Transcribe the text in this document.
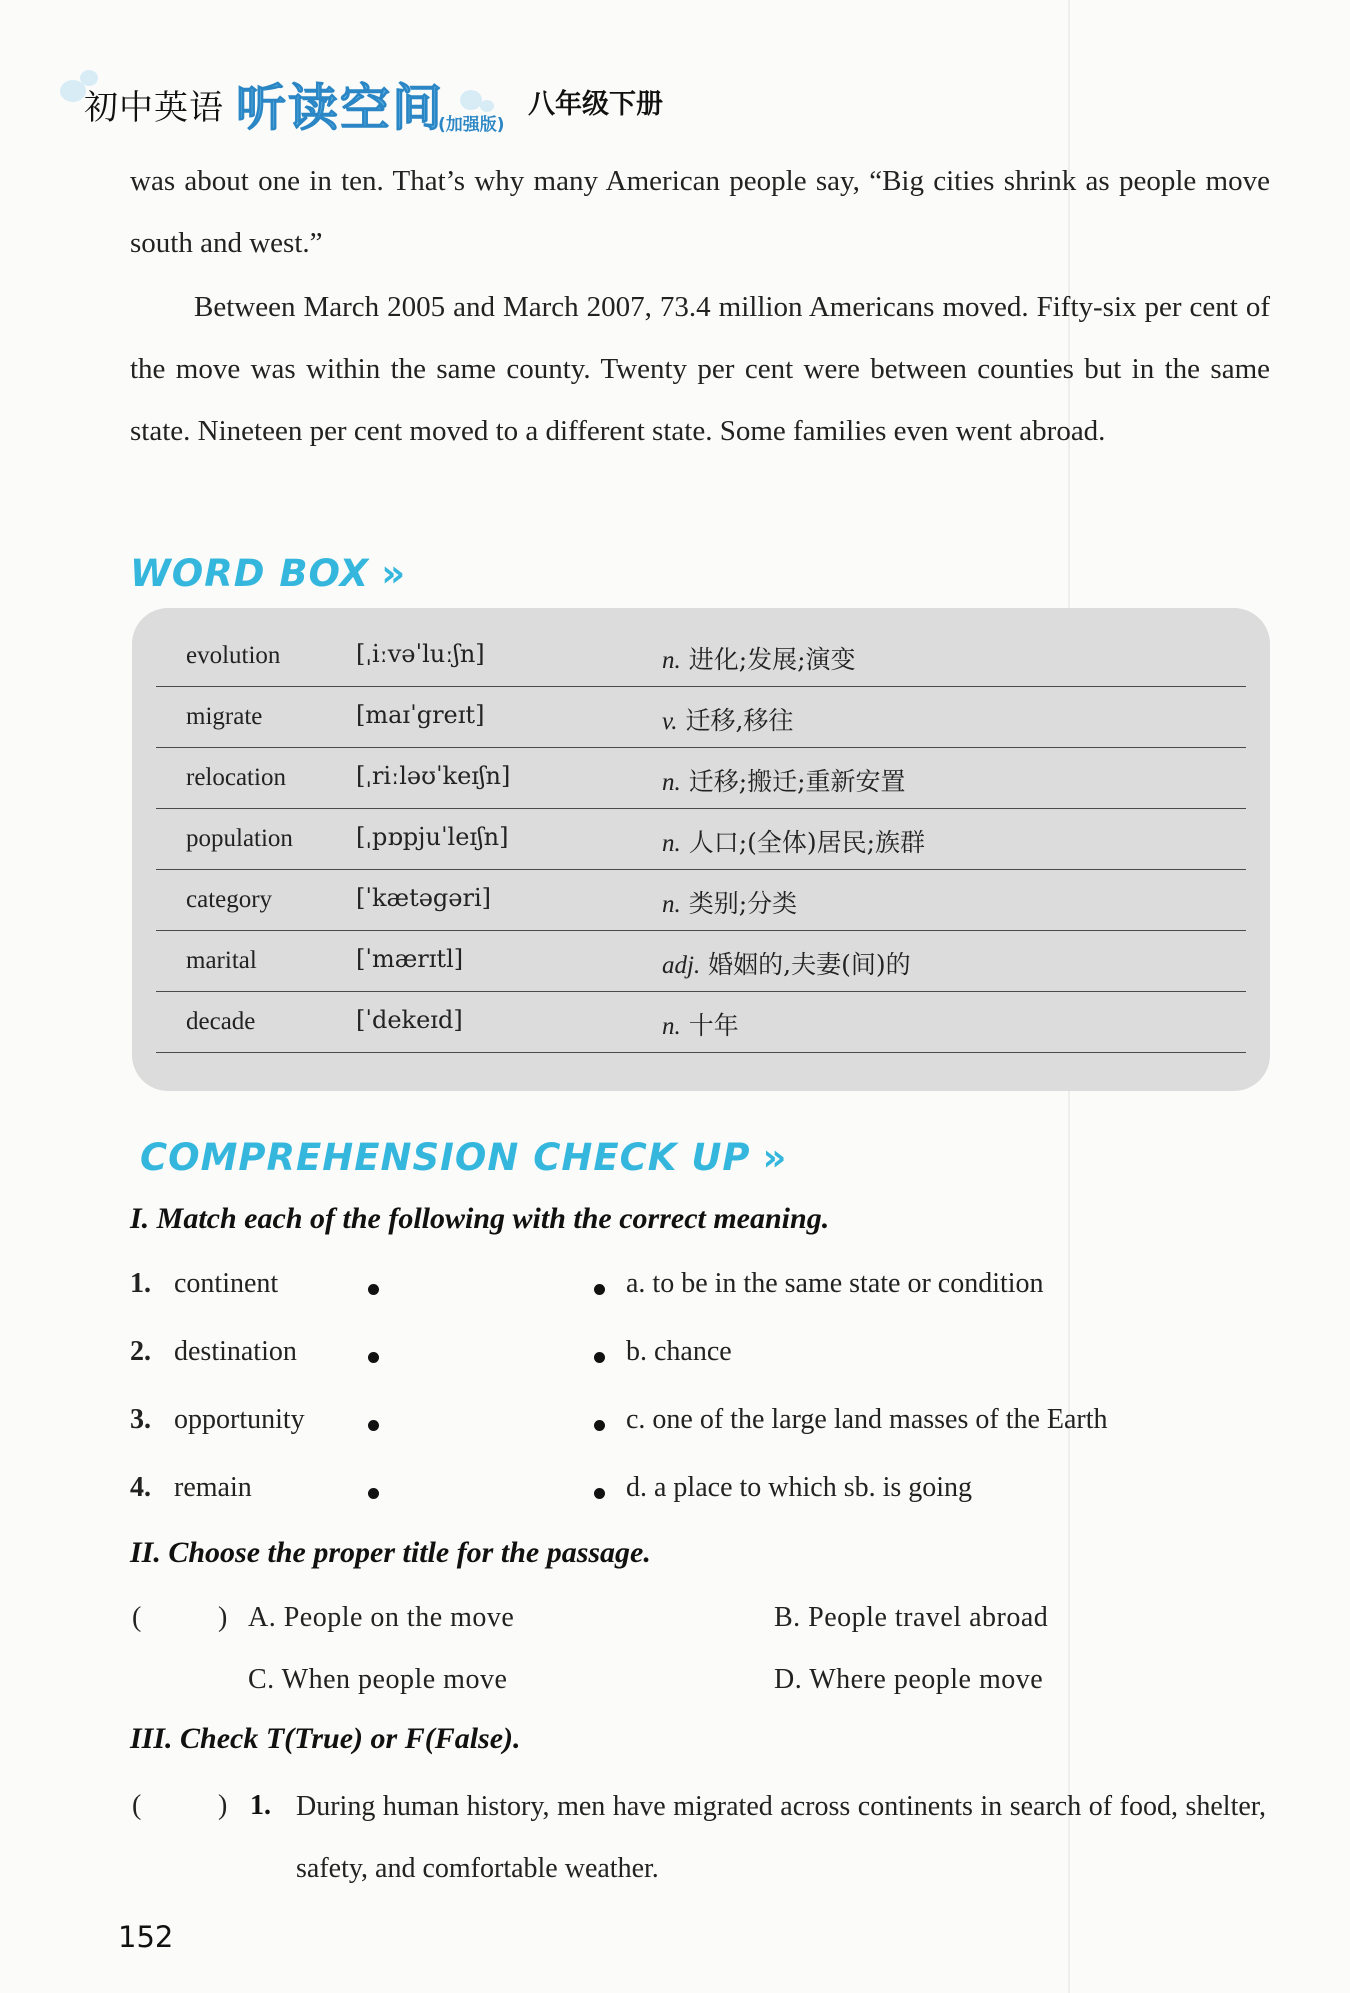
初中英语 听读空间
(加强版)
八年级下册

was about one in ten. That’s why many American people say, “Big cities shrink as people move south and west.”

Between March 2005 and March 2007, 73.4 million Americans moved. Fifty-six per cent of the move was within the same county. Twenty per cent were between counties but in the same state. Nineteen per cent moved to a different state. Some families even went abroad.

WORD BOX »
evolution	[ˌiːvəˈluːʃn]	n. 进化;发展;演变
migrate	[maɪˈgreɪt]	v. 迁移,移往
relocation	[ˌriːləʊˈkeɪʃn]	n. 迁移;搬迁;重新安置
population	[ˌpɒpjuˈleɪʃn]	n. 人口;(全体)居民;族群
category	[ˈkætəgəri]	n. 类别;分类
marital	[ˈmærɪtl]	adj. 婚姻的,夫妻(间)的
decade	[ˈdekeɪd]	n. 十年
COMPREHENSION CHECK UP »
I. Match each of the following with the correct meaning.
1. continent	a. to be in the same state or condition
2. destination	b. chance
3. opportunity	c. one of the large land masses of the Earth
4. remain	d. a place to which sb. is going
II. Choose the proper title for the passage.
(	) A. People on the move	B. People travel abroad
C. When people move	D. Where people move
III. Check T(True) or F(False).
(	) 1. During human history, men have migrated across continents in search of food, shelter, safety, and comfortable weather.

152
